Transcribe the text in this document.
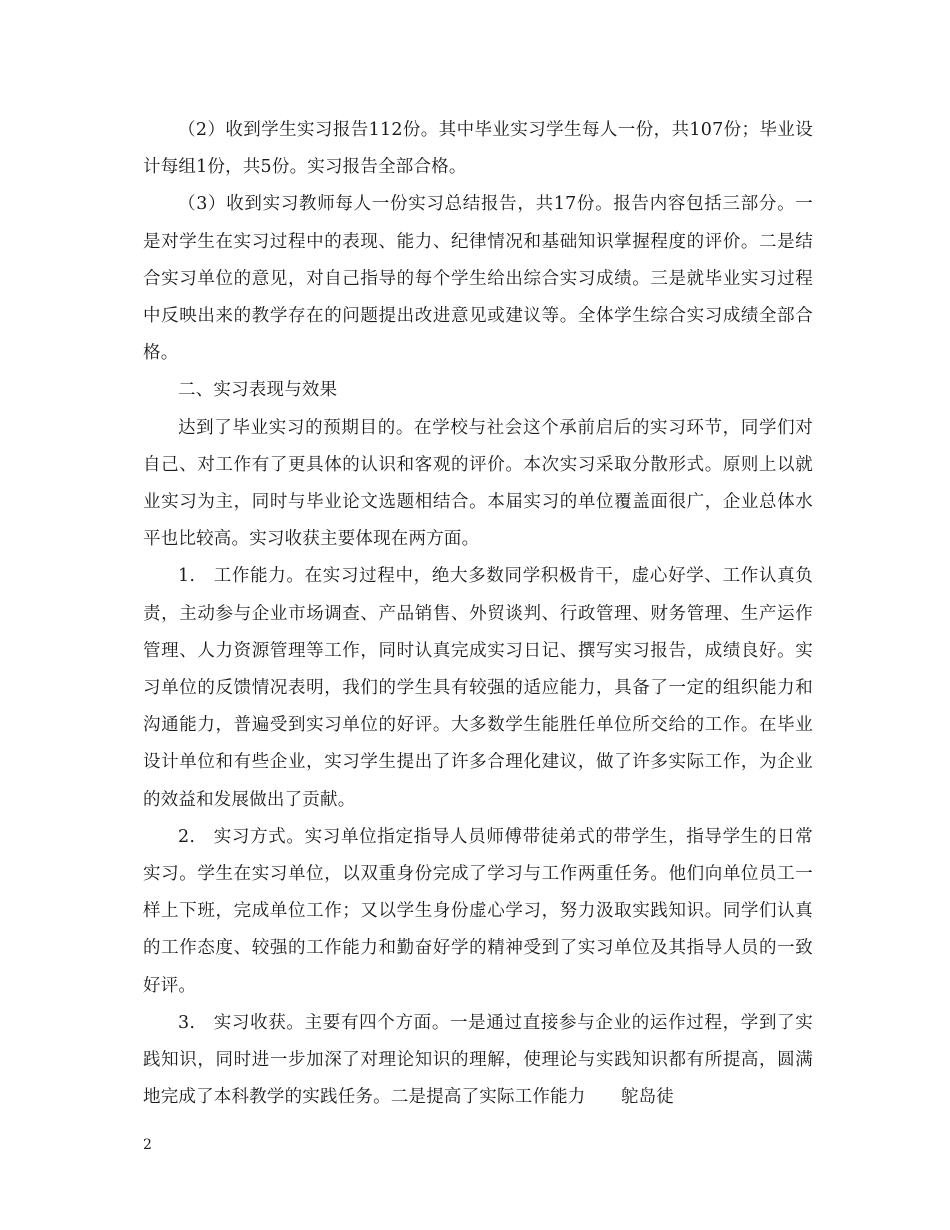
（2）收到学生实习报告112份。其中毕业实习学生每人一份，共107份；毕业设计每组1份，共5份。实习报告全部合格。

（3）收到实习教师每人一份实习总结报告，共17份。报告内容包括三部分。一是对学生在实习过程中的表现、能力、纪律情况和基础知识掌握程度的评价。二是结合实习单位的意见，对自己指导的每个学生给出综合实习成绩。三是就毕业实习过程中反映出来的教学存在的问题提出改进意见或建议等。全体学生综合实习成绩全部合格。

二、实习表现与效果

达到了毕业实习的预期目的。在学校与社会这个承前启后的实习环节，同学们对自己、对工作有了更具体的认识和客观的评价。本次实习采取分散形式。原则上以就业实习为主，同时与毕业论文选题相结合。本届实习的单位覆盖面很广，企业总体水平也比较高。实习收获主要体现在两方面。

1.　工作能力。在实习过程中，绝大多数同学积极肯干，虚心好学、工作认真负责，主动参与企业市场调查、产品销售、外贸谈判、行政管理、财务管理、生产运作管理、人力资源管理等工作，同时认真完成实习日记、撰写实习报告，成绩良好。实习单位的反馈情况表明，我们的学生具有较强的适应能力，具备了一定的组织能力和沟通能力，普遍受到实习单位的好评。大多数学生能胜任单位所交给的工作。在毕业设计单位和有些企业，实习学生提出了许多合理化建议，做了许多实际工作，为企业的效益和发展做出了贡献。

2.　实习方式。实习单位指定指导人员师傅带徒弟式的带学生，指导学生的日常实习。学生在实习单位，以双重身份完成了学习与工作两重任务。他们向单位员工一样上下班，完成单位工作；又以学生身份虚心学习，努力汲取实践知识。同学们认真的工作态度、较强的工作能力和勤奋好学的精神受到了实习单位及其指导人员的一致好评。

3.　实习收获。主要有四个方面。一是通过直接参与企业的运作过程，学到了实践知识，同时进一步加深了对理论知识的理解，使理论与实践知识都有所提高，圆满地完成了本科教学的实践任务。二是提高了实际工作能力　　鸵岛徒

2
